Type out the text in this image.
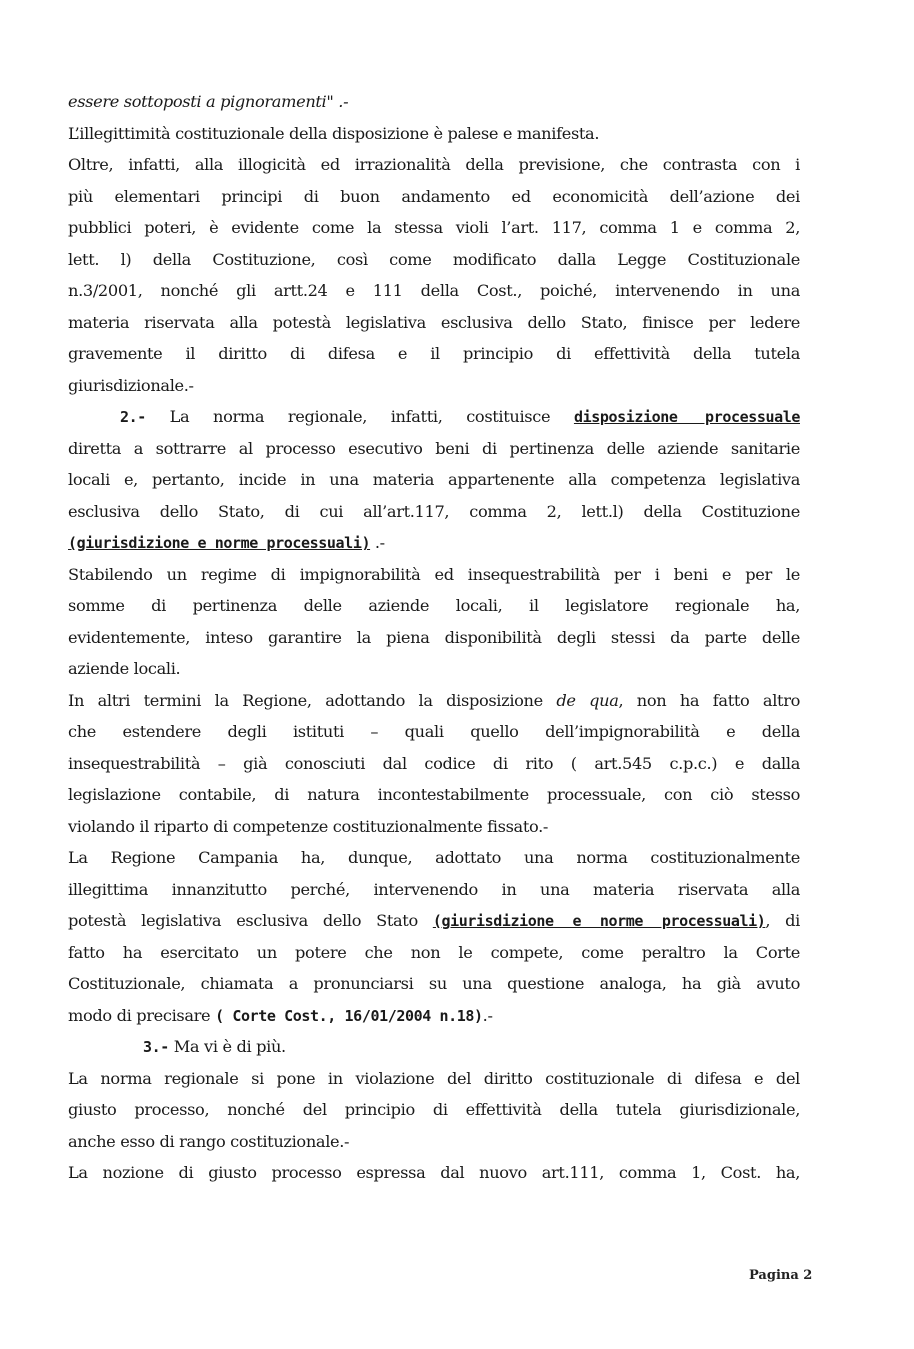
essere sottoposti a pignoramenti" .-
L’illegittimità costituzionale della disposizione è palese e manifesta.
Oltre, infatti, alla illogicità ed irrazionalità della previsione, che contrasta con i
più elementari principi di buon andamento ed economicità dell’azione dei
pubblici poteri, è evidente come la stessa violi l’art. 117, comma 1 e comma 2,
lett. l) della Costituzione, così come modificato dalla Legge Costituzionale
n.3/2001, nonché gli artt.24 e 111 della Cost., poiché, intervenendo in una
materia riservata alla potestà legislativa esclusiva dello Stato, finisce per ledere
gravemente il diritto di difesa e il principio di effettività della tutela
giurisdizionale.-
2.- La norma regionale, infatti, costituisce disposizione processuale
diretta a sottrarre al processo esecutivo beni di pertinenza delle aziende sanitarie
locali e, pertanto, incide in una materia appartenente alla competenza legislativa
esclusiva dello Stato, di cui all’art.117, comma 2, lett.l) della Costituzione
(giurisdizione e norme processuali) .-
Stabilendo un regime di impignorabilità ed insequestrabilità per i beni e per le
somme di pertinenza delle aziende locali, il legislatore regionale ha,
evidentemente, inteso garantire la piena disponibilità degli stessi da parte delle
aziende locali.
In altri termini la Regione, adottando la disposizione de qua, non ha fatto altro
che estendere degli istituti – quali quello dell’impignorabilità e della
insequestrabilità – già conosciuti dal codice di rito ( art.545 c.p.c.) e dalla
legislazione contabile, di natura incontestabilmente processuale, con ciò stesso
violando il riparto di competenze costituzionalmente fissato.-
La Regione Campania ha, dunque, adottato una norma costituzionalmente
illegittima innanzitutto perché, intervenendo in una materia riservata alla
potestà legislativa esclusiva dello Stato (giurisdizione e norme processuali), di
fatto ha esercitato un potere che non le compete, come peraltro la Corte
Costituzionale, chiamata a pronunciarsi su una questione analoga, ha già avuto
modo di precisare ( Corte Cost., 16/01/2004 n.18).-
3.- Ma vi è di più.
La norma regionale si pone in violazione del diritto costituzionale di difesa e del
giusto processo, nonché del principio di effettività della tutela giurisdizionale,
anche esso di rango costituzionale.-
La nozione di giusto processo espressa dal nuovo art.111, comma 1, Cost. ha,
Pagina 2
